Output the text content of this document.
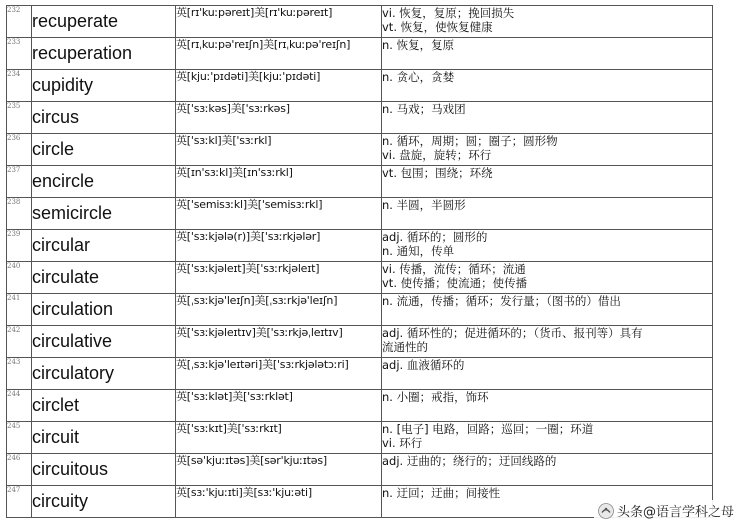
232	recuperate	英[rɪ'kuːpəreɪt]美[rɪ'kuːpəreɪt]	vi. 恢复，复原；挽回损失
vt. 恢复，使恢复健康

233	recuperation	英[rɪˌkuːpə'reɪʃn]美[rɪˌkuːpə'reɪʃn]	n. 恢复，复原

234	cupidity	英[kjuː'pɪdəti]美[kjuː'pɪdəti]	n. 贪心，贪婪

235	circus	英['sɜːkəs]美['sɜːrkəs]	n. 马戏；马戏团

236	circle	英['sɜːkl]美['sɜːrkl]	n. 循环，周期；圆；圈子；圆形物
vi. 盘旋，旋转；环行

237	encircle	英[ɪn'sɜːkl]美[ɪn'sɜːrkl]	vt. 包围；围绕；环绕

238	semicircle	英['semisɜːkl]美['semisɜːrkl]	n. 半圆，半圆形

239	circular	英['sɜːkjələ(r)]美['sɜːrkjələr]	adj. 循环的；圆形的
n. 通知，传单

240	circulate	英['sɜːkjəleɪt]美['sɜːrkjəleɪt]	vi. 传播，流传；循环；流通
vt. 使传播；使流通；使传播

241	circulation	英[ˌsɜːkjə'leɪʃn]美[ˌsɜːrkjə'leɪʃn]	n. 流通，传播；循环；发行量；（图书的）借出

242	circulative	英['sɜːkjəleɪtɪv]美['sɜːrkjəˌleɪtɪv]	adj. 循环性的；促进循环的；（货币、报刊等）具有
流通性的

243	circulatory	英[ˌsɜːkjə'leɪtəri]美['sɜːrkjələtɔːri]	adj. 血液循环的

244	circlet	英['sɜːklət]美['sɜːrklət]	n. 小圈；戒指，饰环

245	circuit	英['sɜːkɪt]美['sɜːrkɪt]	n. [电子] 电路，回路；巡回；一圈；环道
vi. 环行

246	circuitous	英[sə'kjuːɪtəs]美[sər'kjuːɪtəs]	adj. 迂曲的；绕行的；迂回线路的

247	circuity	英[sɜː'kjuːɪti]美[sɜː'kjuːəti]	n. 迂回；迂曲；间接性
头条 @语言学科之母
